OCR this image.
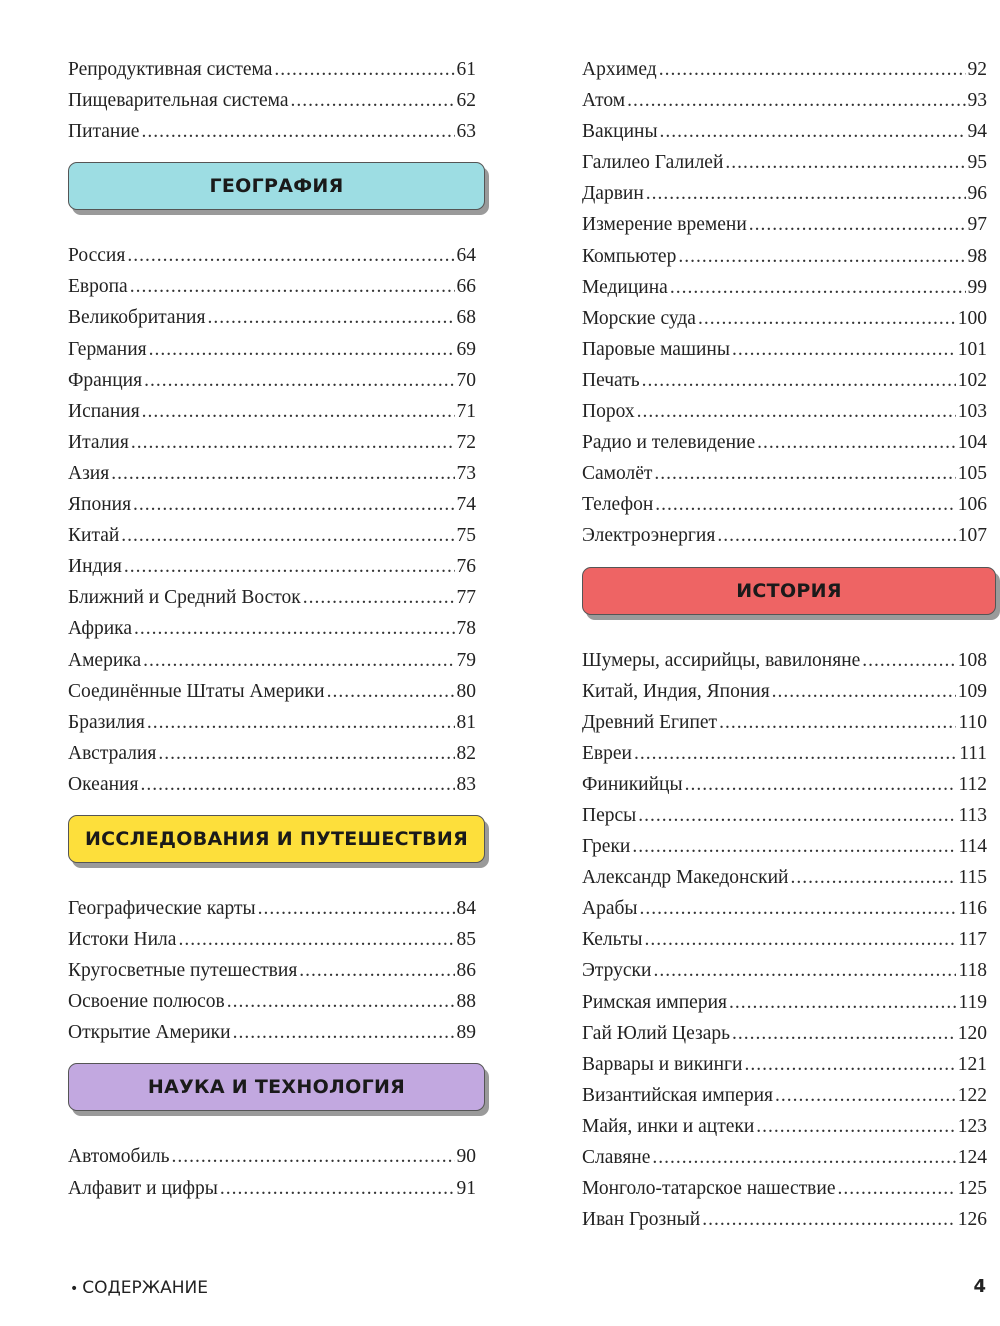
Репродуктивная система .....	61
Пищеварительная система .....	62
Питание .....	63
ГЕОГРАФИЯ
Россия .....	64
Европа .....	66
Великобритания .....	68
Германия .....	69
Франция .....	70
Испания .....	71
Италия .....	72
Азия .....	73
Япония .....	74
Китай .....	75
Индия .....	76
Ближний и Средний Восток .....	77
Африка .....	78
Америка .....	79
Соединённые Штаты Америки .....	80
Бразилия .....	81
Австралия .....	82
Океания .....	83
ИССЛЕДОВАНИЯ И ПУТЕШЕСТВИЯ
Географические карты .....	84
Истоки Нила .....	85
Кругосветные путешествия .....	86
Освоение полюсов .....	88
Открытие Америки .....	89
НАУКА И ТЕХНОЛОГИЯ
Автомобиль .....	90
Алфавит и цифры .....	91
Архимед .....	92
Атом .....	93
Вакцины .....	94
Галилео Галилей .....	95
Дарвин .....	96
Измерение времени .....	97
Компьютер .....	98
Медицина .....	99
Морские суда .....	100
Паровые машины .....	101
Печать .....	102
Порох .....	103
Радио и телевидение .....	104
Самолёт .....	105
Телефон .....	106
Электроэнергия .....	107
ИСТОРИЯ
Шумеры, ассирийцы, вавилоняне .....	108
Китай, Индия, Япония .....	109
Древний Египет .....	110
Евреи .....	111
Финикийцы .....	112
Персы .....	113
Греки .....	114
Александр Македонский .....	115
Арабы .....	116
Кельты .....	117
Этруски .....	118
Римская империя .....	119
Гай Юлий Цезарь .....	120
Варвары и викинги .....	121
Византийская империя .....	122
Майя, инки и ацтеки .....	123
Славяне .....	124
Монголо-татарское нашествие .....	125
Иван Грозный .....	126
• СОДЕРЖАНИЕ	4
